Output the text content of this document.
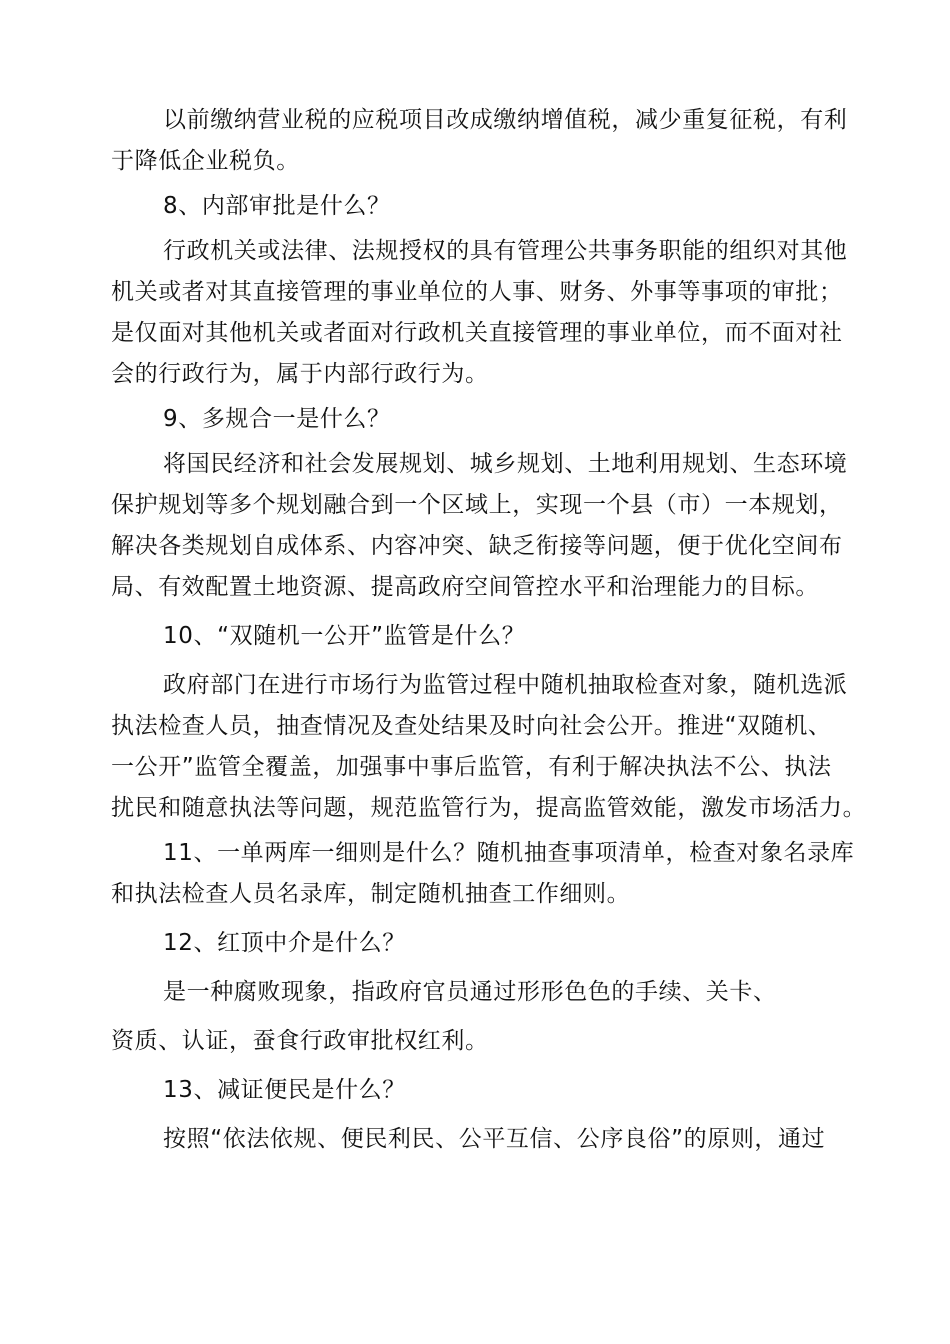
以前缴纳营业税的应税项目改成缴纳增值税，减少重复征税，有利
于降低企业税负。
8、内部审批是什么？
行政机关或法律、法规授权的具有管理公共事务职能的组织对其他
机关或者对其直接管理的事业单位的人事、财务、外事等事项的审批；
是仅面对其他机关或者面对行政机关直接管理的事业单位，而不面对社
会的行政行为，属于内部行政行为。
9、多规合一是什么？
将国民经济和社会发展规划、城乡规划、土地利用规划、生态环境
保护规划等多个规划融合到一个区域上，实现一个县（市）一本规划，
解决各类规划自成体系、内容冲突、缺乏衔接等问题，便于优化空间布
局、有效配置土地资源、提高政府空间管控水平和治理能力的目标。
10、“双随机一公开”监管是什么？
政府部门在进行市场行为监管过程中随机抽取检查对象，随机选派
执法检查人员，抽查情况及查处结果及时向社会公开。推进“双随机、
一公开”监管全覆盖，加强事中事后监管，有利于解决执法不公、执法
扰民和随意执法等问题，规范监管行为，提高监管效能，激发市场活力。
11、一单两库一细则是什么？随机抽查事项清单，检查对象名录库
和执法检查人员名录库，制定随机抽查工作细则。
12、红顶中介是什么？
是一种腐败现象，指政府官员通过形形色色的手续、关卡、
资质、认证，蚕食行政审批权红利。
13、减证便民是什么？
按照“依法依规、便民利民、公平互信、公序良俗”的原则，通过
